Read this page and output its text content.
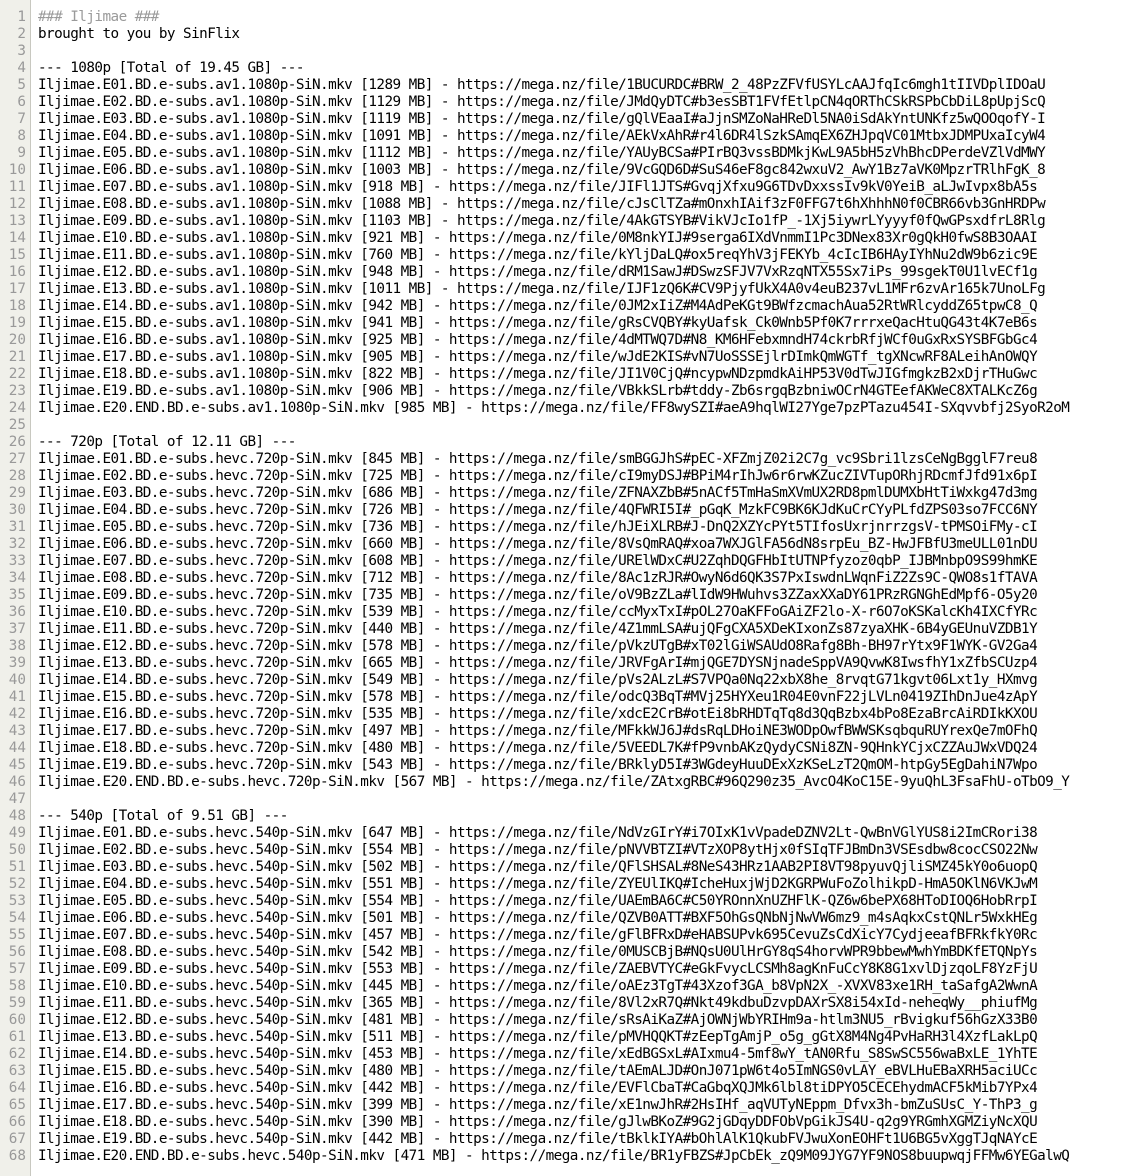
1 ### Iljimae ###
2 brought to you by SinFlix
3
4 --- 1080p [Total of 19.45 GB] ---
5 Iljimae.E01.BD.e-subs.av1.1080p-SiN.mkv [1289 MB] - https://mega.nz/file/1BUCURDC#BRW_2_48PzZFVfUSYLcAAJfqIc6mgh1tIIVDplIDOaU
6 Iljimae.E02.BD.e-subs.av1.1080p-SiN.mkv [1129 MB] - https://mega.nz/file/JMdQyDTC#b3esSBT1FVfEtlpCN4qORThCSkRSPbCbDiL8pUpjScQ
7 Iljimae.E03.BD.e-subs.av1.1080p-SiN.mkv [1119 MB] - https://mega.nz/file/gQlVEaaI#aJjnSMZoNaHReDl5NA0iSdAkYntUNKfz5wQOOqofY-I
8 Iljimae.E04.BD.e-subs.av1.1080p-SiN.mkv [1091 MB] - https://mega.nz/file/AEkVxAhR#r4l6DR4lSzkSAmqEX6ZHJpqVC01MtbxJDMPUxaIcyW4
9 Iljimae.E05.BD.e-subs.av1.1080p-SiN.mkv [1112 MB] - https://mega.nz/file/YAUyBCSa#PIrBQ3vssBDMkjKwL9A5bH5zVhBhcDPerdeVZlVdMWY
10 Iljimae.E06.BD.e-subs.av1.1080p-SiN.mkv [1003 MB] - https://mega.nz/file/9VcGQD6D#SuS46eF8gc842wxuV2_AwY1Bz7aVK0MpzrTRlhFgK_8
11 Iljimae.E07.BD.e-subs.av1.1080p-SiN.mkv [918 MB] - https://mega.nz/file/JIFl1JTS#GvqjXfxu9G6TDvDxxssIv9kV0YeiB_aLJwIvpx8bA5s
12 Iljimae.E08.BD.e-subs.av1.1080p-SiN.mkv [1088 MB] - https://mega.nz/file/cJsClTZa#mOnxhIAif3zF0FFG7t6hXhhhN0f0CBR66vb3GnHRDPw
13 Iljimae.E09.BD.e-subs.av1.1080p-SiN.mkv [1103 MB] - https://mega.nz/file/4AkGTSYB#VikVJcIo1fP_-1Xj5iywrLYyyyf0fQwGPsxdfrL8Rlg
14 Iljimae.E10.BD.e-subs.av1.1080p-SiN.mkv [921 MB] - https://mega.nz/file/0M8nkYIJ#9serga6IXdVnmmI1Pc3DNex83Xr0gQkH0fwS8B3OAAI
15 Iljimae.E11.BD.e-subs.av1.1080p-SiN.mkv [760 MB] - https://mega.nz/file/kYljDaLQ#ox5reqYhV3jFEKYb_4cIcIB6HAyIYhNu2dW9b6zic9E
16 Iljimae.E12.BD.e-subs.av1.1080p-SiN.mkv [948 MB] - https://mega.nz/file/dRM1SawJ#DSwzSFJV7VxRzqNTX55Sx7iPs_99sgekT0U1lvECf1g
17 Iljimae.E13.BD.e-subs.av1.1080p-SiN.mkv [1011 MB] - https://mega.nz/file/IJF1zQ6K#CV9PjyfUkX4A0v4euB237vL1MFr6zvAr165k7UnoLFg
18 Iljimae.E14.BD.e-subs.av1.1080p-SiN.mkv [942 MB] - https://mega.nz/file/0JM2xIiZ#M4AdPeKGt9BWfzcmachAua52RtWRlcyddZ65tpwC8_Q
19 Iljimae.E15.BD.e-subs.av1.1080p-SiN.mkv [941 MB] - https://mega.nz/file/gRsCVQBY#kyUafsk_Ck0Wnb5Pf0K7rrrxeQacHtuQG43t4K7eB6s
20 Iljimae.E16.BD.e-subs.av1.1080p-SiN.mkv [925 MB] - https://mega.nz/file/4dMTWQ7D#N8_KM6HFebxmndH74ckrbRfjWCf0uGxRxSYSBFGbGc4
21 Iljimae.E17.BD.e-subs.av1.1080p-SiN.mkv [905 MB] - https://mega.nz/file/wJdE2KIS#vN7UoSSSEjlrDImkQmWGTf_tgXNcwRF8ALeihAnOWQY
22 Iljimae.E18.BD.e-subs.av1.1080p-SiN.mkv [822 MB] - https://mega.nz/file/JI1V0CjQ#ncypwNDzpmdkAiHP53V0dTwJIGfmgkzB2xDjrTHuGwc
23 Iljimae.E19.BD.e-subs.av1.1080p-SiN.mkv [906 MB] - https://mega.nz/file/VBkkSLrb#tddy-Zb6srgqBzbniwOCrN4GTEefAKWeC8XTALKcZ6g
24 Iljimae.E20.END.BD.e-subs.av1.1080p-SiN.mkv [985 MB] - https://mega.nz/file/FF8wySZI#aeA9hqlWI27Yge7pzPTazu454I-SXqvvbfj2SyoR2oM
25
26 --- 720p [Total of 12.11 GB] ---
27 Iljimae.E01.BD.e-subs.hevc.720p-SiN.mkv [845 MB] - https://mega.nz/file/smBGGJhS#pEC-XFZmjZ02i2C7g_vc9Sbri1lzsCeNgBgglF7reu8
28 Iljimae.E02.BD.e-subs.hevc.720p-SiN.mkv [725 MB] - https://mega.nz/file/cI9myDSJ#BPiM4rIhJw6r6rwKZucZIVTupORhjRDcmfJfd91x6pI
29 Iljimae.E03.BD.e-subs.hevc.720p-SiN.mkv [686 MB] - https://mega.nz/file/ZFNAXZbB#5nACf5TmHaSmXVmUX2RD8pmlDUMXbHtTiWxkg47d3mg
30 Iljimae.E04.BD.e-subs.hevc.720p-SiN.mkv [726 MB] - https://mega.nz/file/4QFWRI5I#_pGqK_MzkFC9BK6KJdKuCrCYyPLfdZPS03so7FCC6NY
31 Iljimae.E05.BD.e-subs.hevc.720p-SiN.mkv [736 MB] - https://mega.nz/file/hJEiXLRB#J-DnQ2XZYcPYt5TIfosUxrjnrrzgsV-tPMSOiFMy-cI
32 Iljimae.E06.BD.e-subs.hevc.720p-SiN.mkv [660 MB] - https://mega.nz/file/8VsQmRAQ#xoa7WXJGlFA56dN8srpEu_BZ-HwJFBfU3meULL01nDU
33 Iljimae.E07.BD.e-subs.hevc.720p-SiN.mkv [608 MB] - https://mega.nz/file/URElWDxC#U2ZqhDQGFHbItUTNPfyzoz0qbP_IJBMnbpO9S99hmKE
34 Iljimae.E08.BD.e-subs.hevc.720p-SiN.mkv [712 MB] - https://mega.nz/file/8Ac1zRJR#OwyN6d6QK3S7PxIswdnLWqnFiZ2Zs9C-QWO8s1fTAVA
35 Iljimae.E09.BD.e-subs.hevc.720p-SiN.mkv [735 MB] - https://mega.nz/file/oV9BzZLa#lIdW9HWuhvs3ZZaxXXaDY61PRzRGNGhEdMpf6-O5y20
36 Iljimae.E10.BD.e-subs.hevc.720p-SiN.mkv [539 MB] - https://mega.nz/file/ccMyxTxI#pOL27OaKFFoGAiZF2lo-X-r6O7oKSKalcKh4IXCfYRc
37 Iljimae.E11.BD.e-subs.hevc.720p-SiN.mkv [440 MB] - https://mega.nz/file/4Z1mmLSA#ujQFgCXA5XDeKIxonZs87zyaXHK-6B4yGEUnuVZDB1Y
38 Iljimae.E12.BD.e-subs.hevc.720p-SiN.mkv [578 MB] - https://mega.nz/file/pVkzUTgB#xT02lGiWSAUdO8Rafg8Bh-BH97rYtx9F1WYK-GV2Ga4
39 Iljimae.E13.BD.e-subs.hevc.720p-SiN.mkv [665 MB] - https://mega.nz/file/JRVFgArI#mjQGE7DYSNjnadeSppVA9QvwK8IwsfhY1xZfbSCUzp4
40 Iljimae.E14.BD.e-subs.hevc.720p-SiN.mkv [549 MB] - https://mega.nz/file/pVs2ALzL#S7VPQa0Nq22xbX8he_8rvqtG71kgvt06Lxt1y_HXmvg
41 Iljimae.E15.BD.e-subs.hevc.720p-SiN.mkv [578 MB] - https://mega.nz/file/odcQ3BqT#MVj25HYXeu1R04E0vnF22jLVLn0419ZIhDnJue4zApY
42 Iljimae.E16.BD.e-subs.hevc.720p-SiN.mkv [535 MB] - https://mega.nz/file/xdcE2CrB#otEi8bRHDTqTq8d3QqBzbx4bPo8EzaBrcAiRDIkKXOU
43 Iljimae.E17.BD.e-subs.hevc.720p-SiN.mkv [497 MB] - https://mega.nz/file/MFkkWJ6J#dsRqLDHoiNE3WODpOwfBWWSKsqbquRUYrexQe7mOFhQ
44 Iljimae.E18.BD.e-subs.hevc.720p-SiN.mkv [480 MB] - https://mega.nz/file/5VEEDL7K#fP9vnbAKzQydyCSNi8ZN-9QHnkYCjxCZZAuJWxVDQ24
45 Iljimae.E19.BD.e-subs.hevc.720p-SiN.mkv [543 MB] - https://mega.nz/file/BRklyD5I#3WGdeyHuuDExXzKSeLzT2QmOM-htpGy5EgDahiN7Wpo
46 Iljimae.E20.END.BD.e-subs.hevc.720p-SiN.mkv [567 MB] - https://mega.nz/file/ZAtxgRBC#96Q290z35_AvcO4KoC15E-9yuQhL3FsaFhU-oTbO9_Y
47
48 --- 540p [Total of 9.51 GB] ---
49 Iljimae.E01.BD.e-subs.hevc.540p-SiN.mkv [647 MB] - https://mega.nz/file/NdVzGIrY#i7OIxK1vVpadeDZNV2Lt-QwBnVGlYUS8i2ImCRori38
50 Iljimae.E02.BD.e-subs.hevc.540p-SiN.mkv [554 MB] - https://mega.nz/file/pNVVBTZI#VTzXOP8ytHjx0fSIqTFJBmDn3VSEsdbw8cocCSO22Nw
51 Iljimae.E03.BD.e-subs.hevc.540p-SiN.mkv [502 MB] - https://mega.nz/file/QFlSHSAL#8NeS43HRz1AAB2PI8VT98pyuvQjliSMZ45kY0o6uopQ
52 Iljimae.E04.BD.e-subs.hevc.540p-SiN.mkv [551 MB] - https://mega.nz/file/ZYEUlIKQ#IcheHuxjWjD2KGRPWuFoZolhikpD-HmA5OKlN6VKJwM
53 Iljimae.E05.BD.e-subs.hevc.540p-SiN.mkv [554 MB] - https://mega.nz/file/UAEmBA6C#C50YROnnXnUZHFlK-QZ6w6bePX68HToDIOQ6HobRrpI
54 Iljimae.E06.BD.e-subs.hevc.540p-SiN.mkv [501 MB] - https://mega.nz/file/QZVB0ATT#BXF5OhGsQNbNjNwVW6mz9_m4sAqkxCstQNLr5WxkHEg
55 Iljimae.E07.BD.e-subs.hevc.540p-SiN.mkv [457 MB] - https://mega.nz/file/gFlBFRxD#eHABSUPvk695CevuZsCdXicY7CydjeeafBFRkfkY0Rc
56 Iljimae.E08.BD.e-subs.hevc.540p-SiN.mkv [542 MB] - https://mega.nz/file/0MUSCBjB#NQsU0UlHrGY8qS4horvWPR9bbewMwhYmBDKfETQNpYs
57 Iljimae.E09.BD.e-subs.hevc.540p-SiN.mkv [553 MB] - https://mega.nz/file/ZAEBVTYC#eGkFvycLCSMh8agKnFuCcY8K8G1xvlDjzqoLF8YzFjU
58 Iljimae.E10.BD.e-subs.hevc.540p-SiN.mkv [445 MB] - https://mega.nz/file/oAEz3TgT#43Xzof3GA_b8VpN2X_-XVXV83xe1RH_taSafgA2WwnA
59 Iljimae.E11.BD.e-subs.hevc.540p-SiN.mkv [365 MB] - https://mega.nz/file/8Vl2xR7Q#Nkt49kdbuDzvpDAXrSX8i54xId-neheqWy__phiufMg
60 Iljimae.E12.BD.e-subs.hevc.540p-SiN.mkv [481 MB] - https://mega.nz/file/sRsAiKaZ#AjOWNjWbYRIHm9a-htlm3NU5_rBvigkuf56hGzX33B0
61 Iljimae.E13.BD.e-subs.hevc.540p-SiN.mkv [511 MB] - https://mega.nz/file/pMVHQQKT#zEepTgAmjP_o5g_gGtX8M4Ng4PvHaRH3l4XzfLakLpQ
62 Iljimae.E14.BD.e-subs.hevc.540p-SiN.mkv [453 MB] - https://mega.nz/file/xEdBGSxL#AIxmu4-5mf8wY_tAN0Rfu_S8SwSC556waBxLE_1YhTE
63 Iljimae.E15.BD.e-subs.hevc.540p-SiN.mkv [480 MB] - https://mega.nz/file/tAEmALJD#OnJ071pW6t4o5ImNGS0vLAY_eBVLHuEBaXRH5aciUCc
64 Iljimae.E16.BD.e-subs.hevc.540p-SiN.mkv [442 MB] - https://mega.nz/file/EVFlCbaT#CaGbqXQJMk6lbl8tiDPYO5CECEhydmACF5kMib7YPx4
65 Iljimae.E17.BD.e-subs.hevc.540p-SiN.mkv [399 MB] - https://mega.nz/file/xE1nwJhR#2HsIHf_aqVUTyNEppm_Dfvx3h-bmZuSUsC_Y-ThP3_g
66 Iljimae.E18.BD.e-subs.hevc.540p-SiN.mkv [390 MB] - https://mega.nz/file/gJlwBKoZ#9G2jGDqyDDFObVpGikJS4U-q2g9YRGmhXGMZiyNcXQU
67 Iljimae.E19.BD.e-subs.hevc.540p-SiN.mkv [442 MB] - https://mega.nz/file/tBklkIYA#bOhlAlK1QkubFVJwuXonEOHFt1U6BG5vXggTJqNAYcE
68 Iljimae.E20.END.BD.e-subs.hevc.540p-SiN.mkv [471 MB] - https://mega.nz/file/BR1yFBZS#JpCbEk_zQ9M09JYG7YF9NOS8buupwqjFFMw6YEGalwQ
